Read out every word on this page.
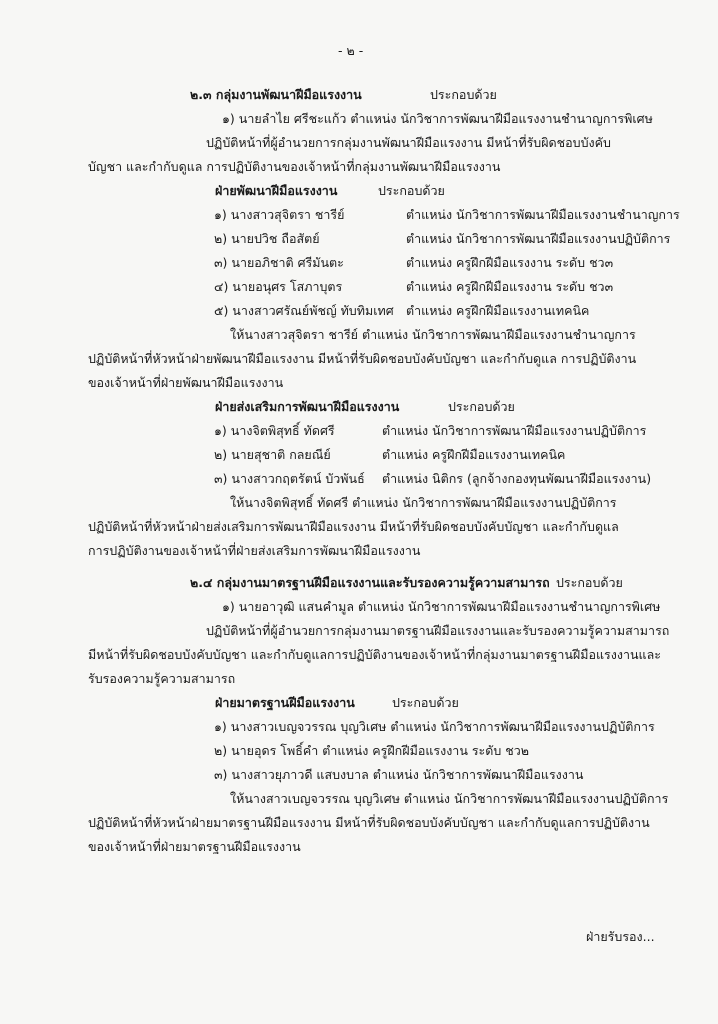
- ๒ -
๒.๓ กลุ่มงานพัฒนาฝีมือแรงงาน	ประกอบด้วย
๑) นายลำไย ศรีชะแก้ว ตำแหน่ง นักวิชาการพัฒนาฝีมือแรงงานชำนาญการพิเศษ
ปฏิบัติหน้าที่ผู้อำนวยการกลุ่มงานพัฒนาฝีมือแรงงาน มีหน้าที่รับผิดชอบบังคับ
บัญชา และกำกับดูแล การปฏิบัติงานของเจ้าหน้าที่กลุ่มงานพัฒนาฝีมือแรงงาน
ฝ่ายพัฒนาฝีมือแรงงาน	ประกอบด้วย
๑) นางสาวสุจิตรา ชารีย์	ตำแหน่ง นักวิชาการพัฒนาฝีมือแรงงานชำนาญการ
๒) นายปวิช ถือสัตย์	ตำแหน่ง นักวิชาการพัฒนาฝีมือแรงงานปฏิบัติการ
๓) นายอภิชาติ ศรีมันตะ	ตำแหน่ง ครูฝึกฝีมือแรงงาน ระดับ ชว๓
๔) นายอนุศร โสภาบุตร	ตำแหน่ง ครูฝึกฝีมือแรงงาน ระดับ ชว๓
๕) นางสาวศรัณย์พัชญ์ ทับทิมเทศ ตำแหน่ง ครูฝึกฝีมือแรงงานเทคนิค
ให้นางสาวสุจิตรา ชารีย์ ตำแหน่ง นักวิชาการพัฒนาฝีมือแรงงานชำนาญการ
ปฏิบัติหน้าที่หัวหน้าฝ่ายพัฒนาฝีมือแรงงาน มีหน้าที่รับผิดชอบบังคับบัญชา และกำกับดูแล การปฏิบัติงาน
ของเจ้าหน้าที่ฝ่ายพัฒนาฝีมือแรงงาน
ฝ่ายส่งเสริมการพัฒนาฝีมือแรงงาน	ประกอบด้วย
๑) นางจิตพิสุทธิ์ ทัดศรี	ตำแหน่ง นักวิชาการพัฒนาฝีมือแรงงานปฏิบัติการ
๒) นายสุชาติ กลยณีย์	ตำแหน่ง ครูฝึกฝีมือแรงงานเทคนิค
๓) นางสาวกฤตรัตน์ บัวพันธ์ ตำแหน่ง นิติกร (ลูกจ้างกองทุนพัฒนาฝีมือแรงงาน)
ให้นางจิตพิสุทธิ์ ทัดศรี ตำแหน่ง นักวิชาการพัฒนาฝีมือแรงงานปฏิบัติการ
ปฏิบัติหน้าที่หัวหน้าฝ่ายส่งเสริมการพัฒนาฝีมือแรงงาน มีหน้าที่รับผิดชอบบังคับบัญชา และกำกับดูแล
การปฏิบัติงานของเจ้าหน้าที่ฝ่ายส่งเสริมการพัฒนาฝีมือแรงงาน
๒.๔ กลุ่มงานมาตรฐานฝีมือแรงงานและรับรองความรู้ความสามารถ ประกอบด้วย
๑) นายอาวุฒิ แสนคำมูล ตำแหน่ง นักวิชาการพัฒนาฝีมือแรงงานชำนาญการพิเศษ
ปฏิบัติหน้าที่ผู้อำนวยการกลุ่มงานมาตรฐานฝีมือแรงงานและรับรองความรู้ความสามารถ
มีหน้าที่รับผิดชอบบังคับบัญชา และกำกับดูแลการปฏิบัติงานของเจ้าหน้าที่กลุ่มงานมาตรฐานฝีมือแรงงานและ
รับรองความรู้ความสามารถ
ฝ่ายมาตรฐานฝีมือแรงงาน	ประกอบด้วย
๑) นางสาวเบญจวรรณ บุญวิเศษ ตำแหน่ง นักวิชาการพัฒนาฝีมือแรงงานปฏิบัติการ
๒) นายอุดร โพธิ์คำ ตำแหน่ง ครูฝึกฝีมือแรงงาน ระดับ ชว๒
๓) นางสาวยุภาวดี แสบงบาล ตำแหน่ง นักวิชาการพัฒนาฝีมือแรงงาน
ให้นางสาวเบญจวรรณ บุญวิเศษ ตำแหน่ง นักวิชาการพัฒนาฝีมือแรงงานปฏิบัติการ
ปฏิบัติหน้าที่หัวหน้าฝ่ายมาตรฐานฝีมือแรงงาน มีหน้าที่รับผิดชอบบังคับบัญชา และกำกับดูแลการปฏิบัติงาน
ของเจ้าหน้าที่ฝ่ายมาตรฐานฝีมือแรงงาน
ฝ่ายรับรอง...
